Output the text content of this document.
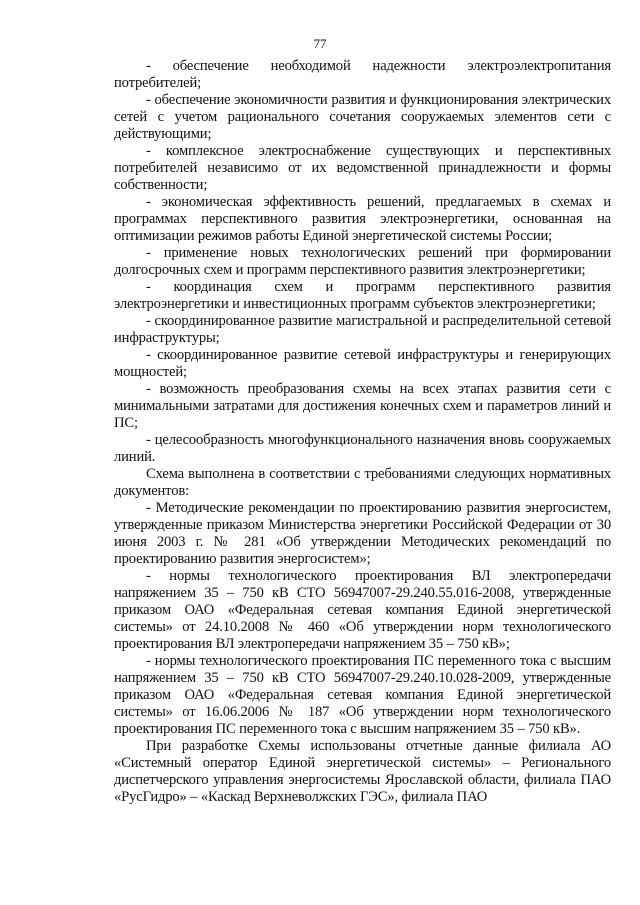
77

- обеспечение необходимой надежности электроэлектропитания потребителей;

- обеспечение экономичности развития и функционирования электрических сетей с учетом рационального сочетания сооружаемых элементов сети с действующими;

- комплексное электроснабжение существующих и перспективных потребителей независимо от их ведомственной принадлежности и формы собственности;

- экономическая эффективность решений, предлагаемых в схемах и программах перспективного развития электроэнергетики, основанная на оптимизации режимов работы Единой энергетической системы России;

- применение новых технологических решений при формировании долгосрочных схем и программ перспективного развития электроэнергетики;

- координация схем и программ перспективного развития электроэнергетики и инвестиционных программ субъектов электроэнергетики;

- скоординированное развитие магистральной и распределительной сетевой инфраструктуры;

- скоординированное развитие сетевой инфраструктуры и генерирующих мощностей;

- возможность преобразования схемы на всех этапах развития сети с минимальными затратами для достижения конечных схем и параметров линий и ПС;

- целесообразность многофункционального назначения вновь сооружаемых линий.

Схема выполнена в соответствии с требованиями следующих нормативных документов:

- Методические рекомендации по проектированию развития энергосистем, утвержденные приказом Министерства энергетики Российской Федерации от 30 июня 2003 г. № 281 «Об утверждении Методических рекомендаций по проектированию развития энергосистем»;

- нормы технологического проектирования ВЛ электропередачи напряжением 35 – 750 кВ СТО 56947007-29.240.55.016-2008, утвержденные приказом ОАО «Федеральная сетевая компания Единой энергетической системы» от 24.10.2008 № 460 «Об утверждении норм технологического проектирования ВЛ электропередачи напряжением 35 – 750 кВ»;

- нормы технологического проектирования ПС переменного тока с высшим напряжением 35 – 750 кВ СТО 56947007-29.240.10.028-2009, утвержденные приказом ОАО «Федеральная сетевая компания Единой энергетической системы» от 16.06.2006 № 187 «Об утверждении норм технологического проектирования ПС переменного тока с высшим напряжением 35 – 750 кВ».

При разработке Схемы использованы отчетные данные филиала АО «Системный оператор Единой энергетической системы» – Регионального диспетчерского управления энергосистемы Ярославской области, филиала ПАО «РусГидро» – «Каскад Верхневолжских ГЭС», филиала ПАО
